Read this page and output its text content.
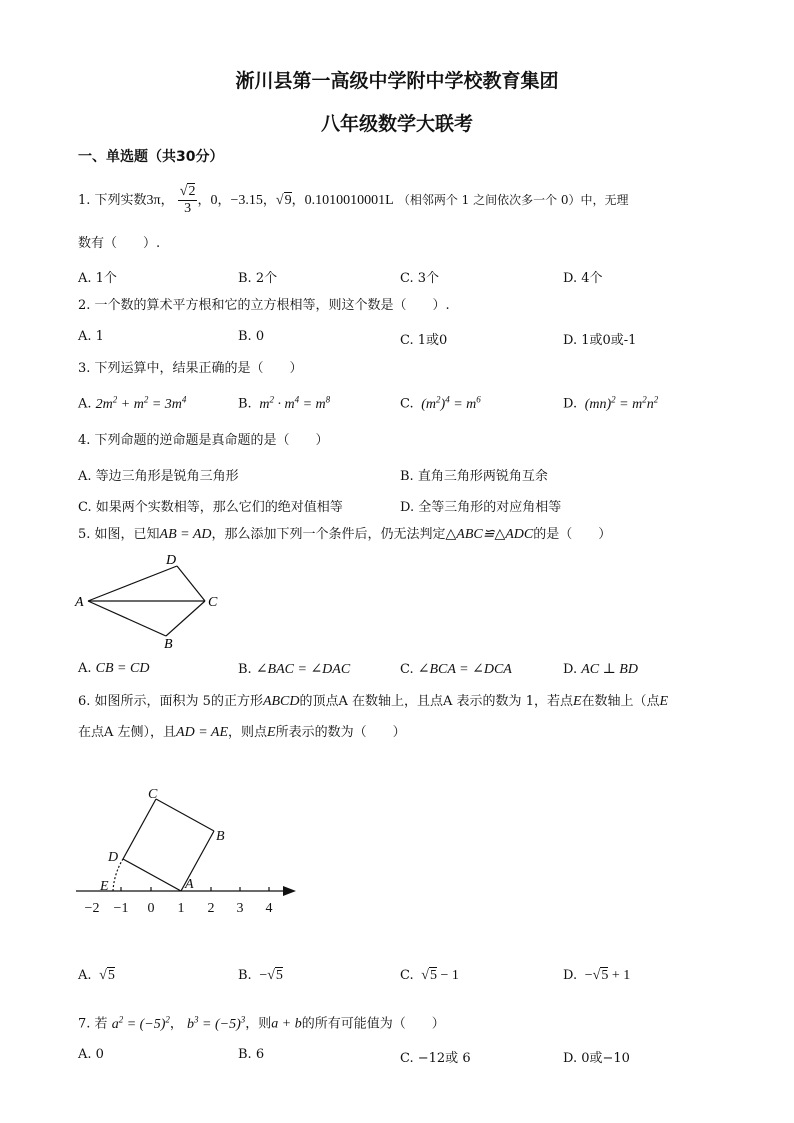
淅川县第一高级中学附中学校教育集团
八年级数学大联考
一、单选题（共30分）
1. 下列实数3π， $\frac{√2}{3}$ ，0，−3.15，√9，0.1010010001L （相邻两个 1 之间依次多一个 0）中，无理
数有（　　）.
A. 1个	B. 2个	C. 3个	D. 4个
2. 一个数的算术平方根和它的立方根相等，则这个数是（　　）.
A. 1	B. 0	C. 1或0	D. 1或0或-1
3. 下列运算中，结果正确的是（　　）
A. $2m^2 + m^2 = 3m^4$	B.  $m^2 \cdot m^4 = m^8$	C.  $(m^2)^4 = m^6$	D.  $(mn)^2 = m^2n^2$
4. 下列命题的逆命题是真命题的是（　　）
A. 等边三角形是锐角三角形	B. 直角三角形两锐角互余
C. 如果两个实数相等，那么它们的绝对值相等	D. 全等三角形的对应角相等
5. 如图，已知AB = AD，那么添加下列一个条件后，仍无法判定△ABC≌△ADC的是（　　）
A
D
C
B
A. CB = CD	B. ∠BAC = ∠DAC	C. ∠BCA = ∠DCA	D. AC ⊥ BD
6. 如图所示，面积为 5的正方形ABCD的顶点A 在数轴上，且点A 表示的数为 1，若点E在数轴上（点E
在点A 左侧），且AD = AE，则点E所表示的数为（　　）
C
B
D
E	A
−2 −1 0 1 2 3 4
A.  √5	B.  −√5	C.  √5 − 1	D.  −√5 + 1
7. 若 $a^2 = (-5)^2$， $b^3 = (-5)^3$，则a + b的所有可能值为（　　）
A. 0	B. 6	C. −12或 6	D. 0或−10
